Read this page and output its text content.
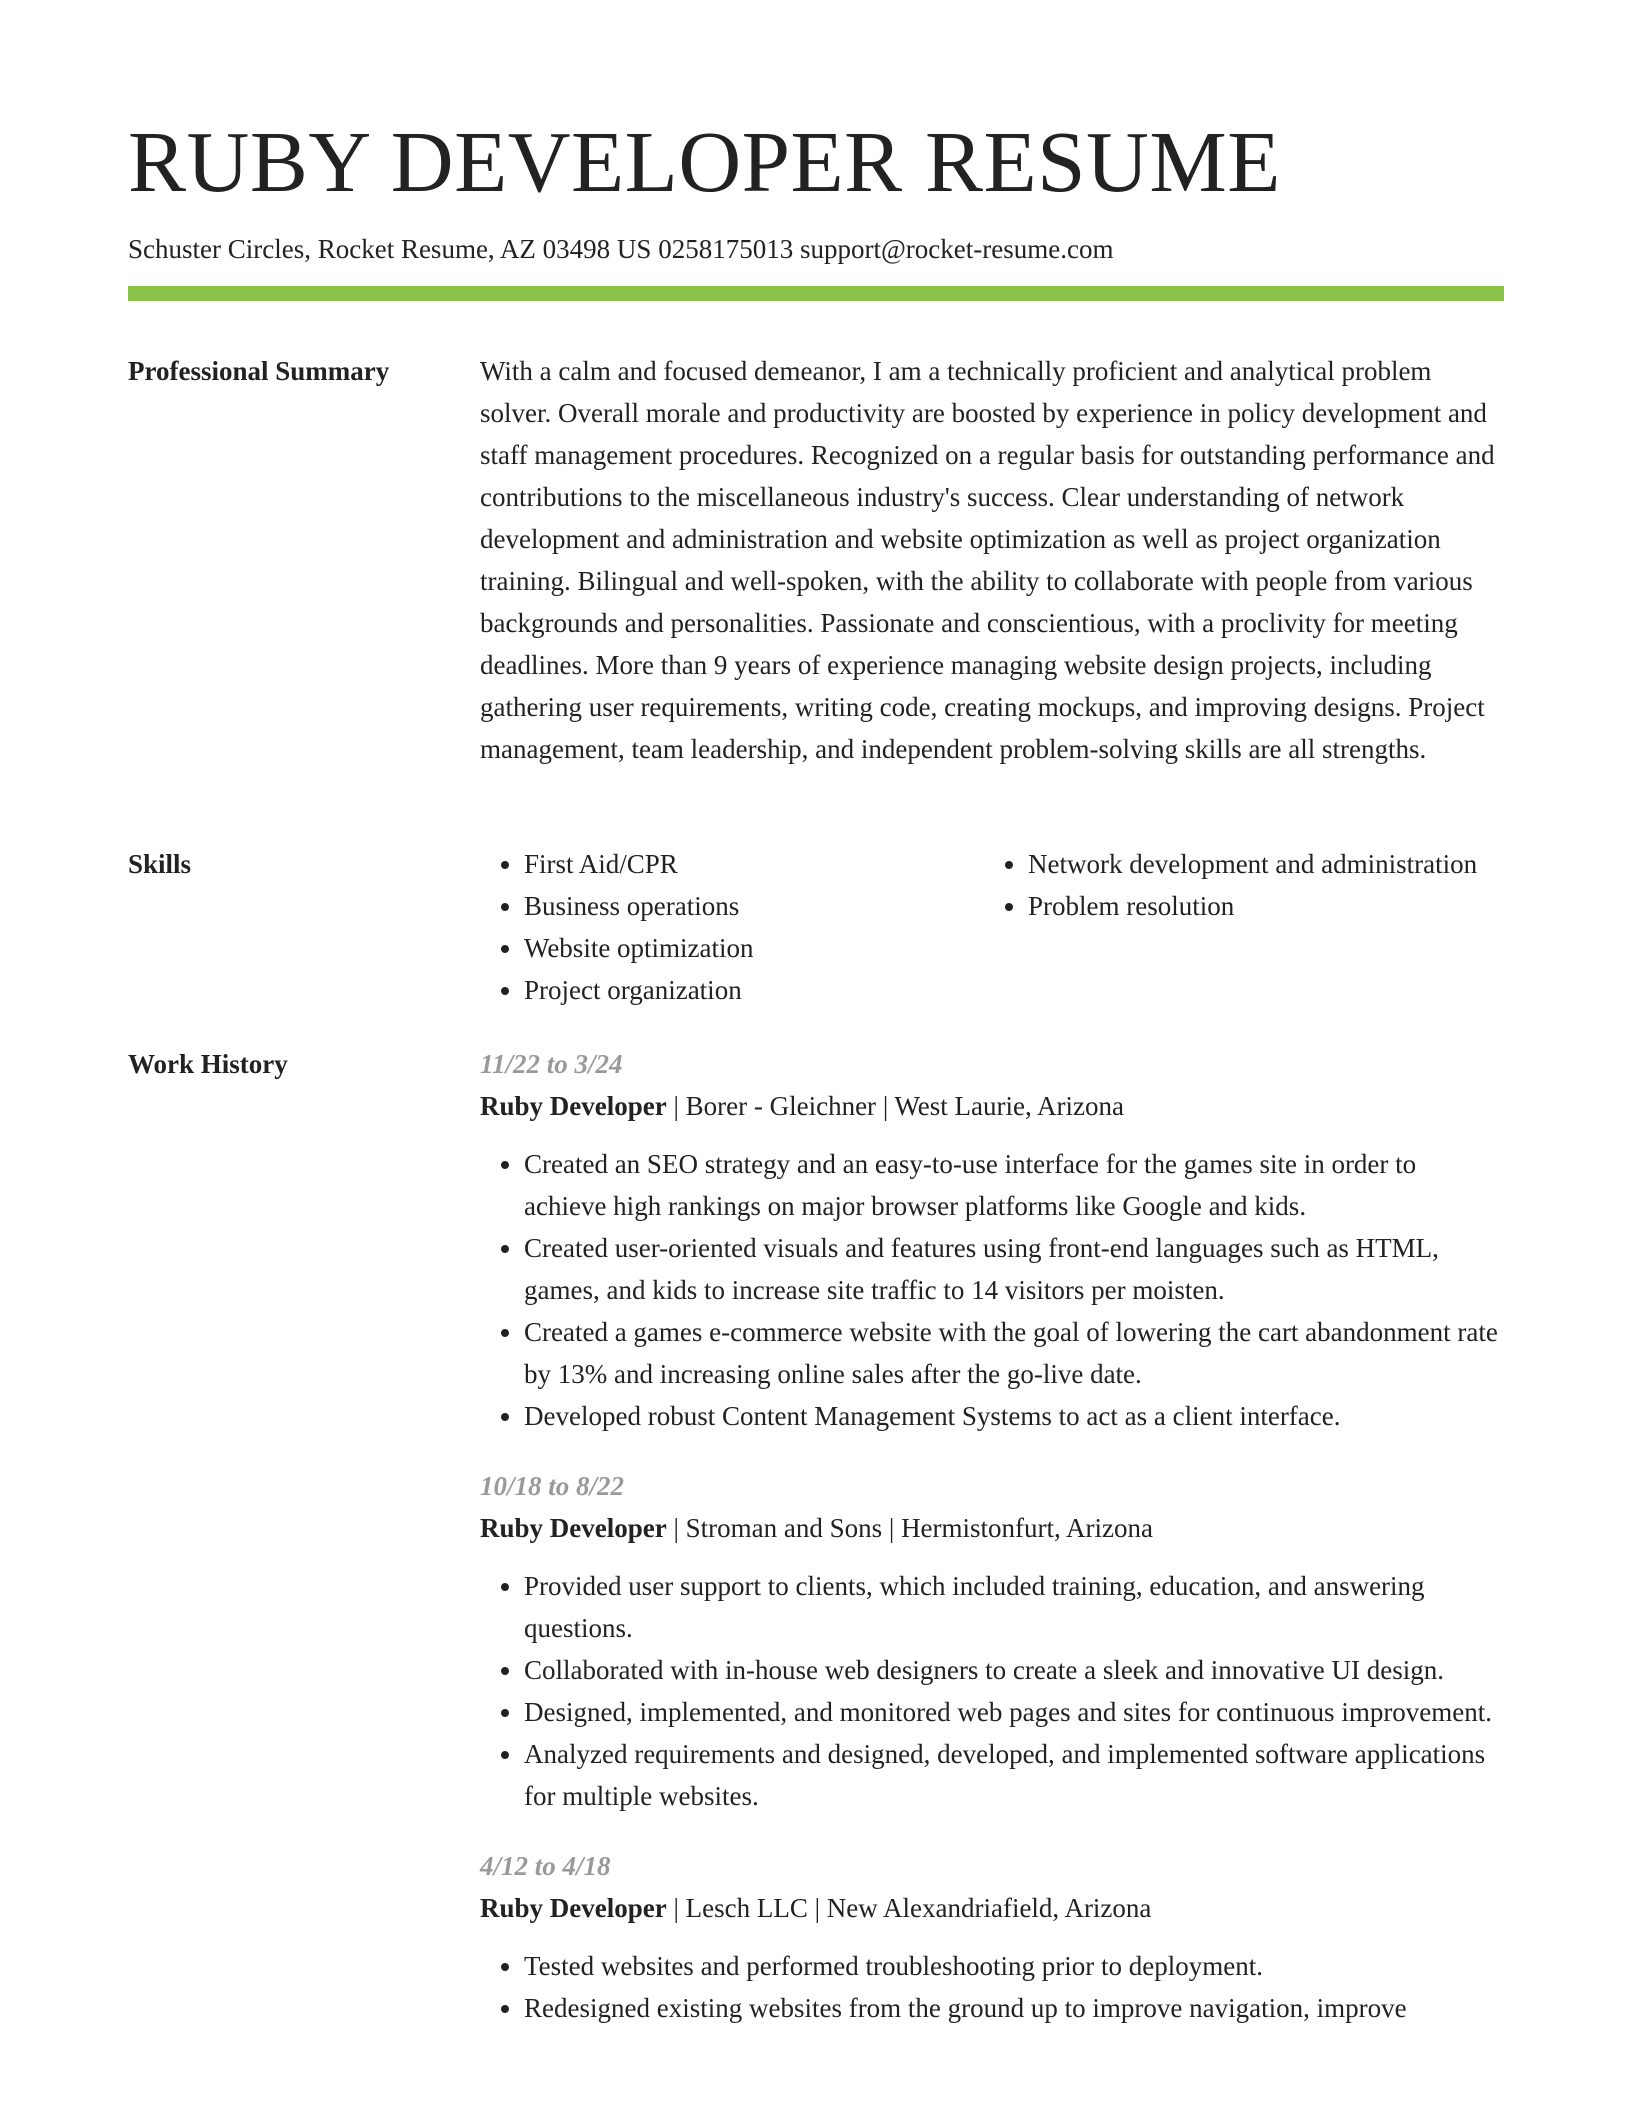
RUBY DEVELOPER RESUME
Schuster Circles, Rocket Resume, AZ 03498 US 0258175013 support@rocket-resume.com
Professional Summary	With a calm and focused demeanor, I am a technically proficient and analytical problem solver. Overall morale and productivity are boosted by experience in policy development and staff management procedures. Recognized on a regular basis for outstanding performance and contributions to the miscellaneous industry's success. Clear understanding of network development and administration and website optimization as well as project organization training. Bilingual and well-spoken, with the ability to collaborate with people from various backgrounds and personalities. Passionate and conscientious, with a proclivity for meeting deadlines. More than 9 years of experience managing website design projects, including gathering user requirements, writing code, creating mockups, and improving designs. Project management, team leadership, and independent problem-solving skills are all strengths.

Skills
•	First Aid/CPR
• Business operations
• Website optimization
• Project organization
• Network development and administration
• Problem resolution
Work History	11/22 to 3/24
Ruby Developer | Borer - Gleichner | West Laurie, Arizona
• Created an SEO strategy and an easy-to-use interface for the games site in order to achieve high rankings on major browser platforms like Google and kids.
• Created user-oriented visuals and features using front-end languages such as HTML, games, and kids to increase site traffic to 14 visitors per moisten.
• Created a games e-commerce website with the goal of lowering the cart abandonment rate by 13% and increasing online sales after the go-live date.
• Developed robust Content Management Systems to act as a client interface.
10/18 to 8/22
Ruby Developer | Stroman and Sons | Hermistonfurt, Arizona
• Provided user support to clients, which included training, education, and answering questions.
• Collaborated with in-house web designers to create a sleek and innovative UI design.
• Designed, implemented, and monitored web pages and sites for continuous improvement.
• Analyzed requirements and designed, developed, and implemented software applications for multiple websites.
4/12 to 4/18
Ruby Developer | Lesch LLC | New Alexandriafield, Arizona
• Tested websites and performed troubleshooting prior to deployment.
• Redesigned existing websites from the ground up to improve navigation, improve
